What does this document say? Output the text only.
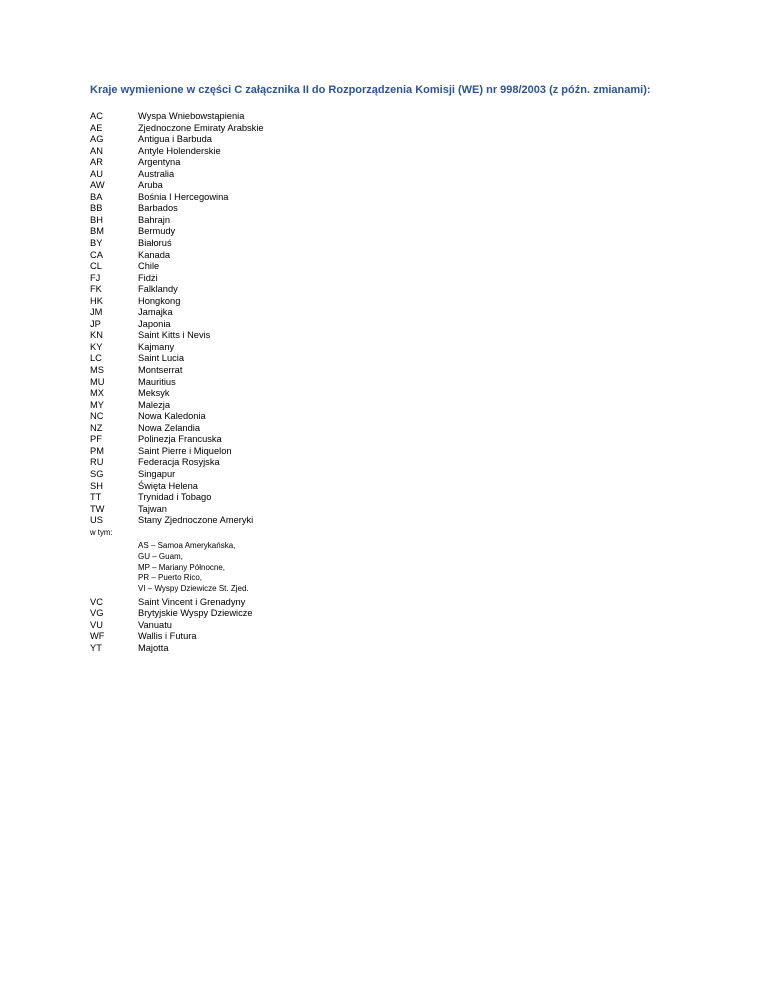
Kraje wymienione w części C załącznika II do Rozporządzenia Komisji (WE) nr 998/2003 (z późn. zmianami):
AC	Wyspa Wniebowstąpienia
AE	Zjednoczone Emiraty Arabskie
AG	Antigua i Barbuda
AN	Antyle Holenderskie
AR	Argentyna
AU	Australia
AW	Aruba
BA	Bośnia I Hercegowina
BB	Barbados
BH	Bahrajn
BM	Bermudy
BY	Białoruś
CA	Kanada
CL	Chile
FJ	Fidżi
FK	Falklandy
HK	Hongkong
JM	Jamajka
JP	Japonia
KN	Saint Kitts i Nevis
KY	Kajmany
LC	Saint Lucia
MS	Montserrat
MU	Mauritius
MX	Meksyk
MY	Malezja
NC	Nowa Kaledonia
NZ	Nowa Zelandia
PF	Polinezja Francuska
PM	Saint Pierre i Miquelon
RU	Federacja Rosyjska
SG	Singapur
SH	Święta Helena
TT	Trynidad i Tobago
TW	Tajwan
US	Stany Zjednoczone Ameryki
w tym:
AS – Samoa Amerykańska,
GU – Guam,
MP – Mariany Północne,
PR – Puerto Rico,
VI – Wyspy Dziewicze St. Zjed.
VC	Saint Vincent i Grenadyny
VG	Brytyjskie Wyspy Dziewicze
VU	Vanuatu
WF	Wallis i Futura
YT	Majotta
